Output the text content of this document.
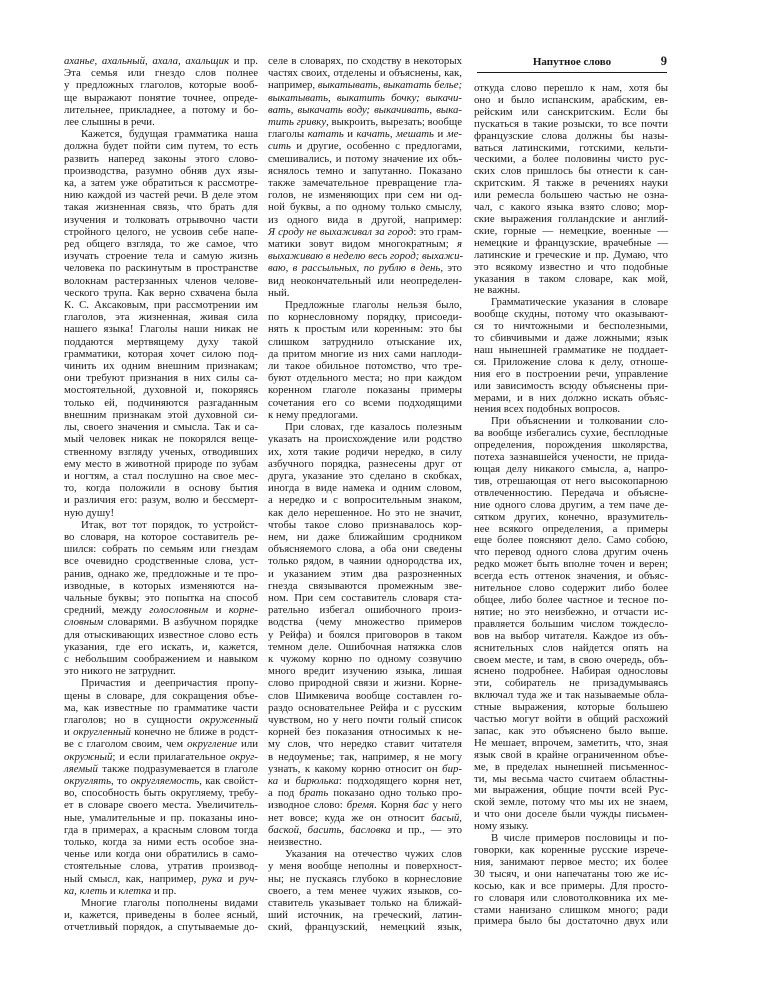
Напутное слово	9
аханье, ахальный, ахала, ахальщик и пр.
Эта семья или гнездо слов полнее
у предложных глаголов, которые вооб-
ще выражают понятие точнее, опреде-
лительнее, прикладнее, а потому и бо-
лее слышны в речи.
Кажется, будущая грамматика наша
должна будет пойти сим путем, то есть
развить наперед законы этого слово-
производства, разумно обняв дух язы-
ка, а затем уже обратиться к рассмотре-
нию каждой из частей речи. В деле этом
такая жизненная связь, что брать для
изучения и толковать отрывочно части
стройного целого, не усвоив себе напе-
ред общего взгляда, то же самое, что
изучать строение тела и самую жизнь
человека по раскинутым в пространстве
волокнам растерзанных членов челове-
ческого трупа. Как верно схвачена была
К. С. Аксаковым, при рассмотрении им
глаголов, эта жизненная, живая сила
нашего языка! Глаголы наши никак не
поддаются мертвящему духу такой
грамматики, которая хочет силою под-
чинить их одним внешним признакам;
они требуют признания в них силы са-
мостоятельной, духовной и, покоряясь
только ей, подчиняются разгаданным
внешним признакам этой духовной си-
лы, своего значения и смысла. Так и са-
мый человек никак не покорялся веще-
ственному взгляду ученых, отводивших
ему место в животной природе по зубам
и ногтям, а стал послушно на свое мес-
то, когда положили в основу бытия
и различия его: разум, волю и бессмерт-
ную душу!
Итак, вот тот порядок, то устройст-
во словаря, на которое составитель ре-
шился: собрать по семьям или гнездам
все очевидно сродственные слова, уст-
ранив, однако же, предложные и те про-
изводные, в которых изменяются на-
чальные буквы; это попытка на способ
средний, между голословным и корне-
словным словарями. В азбучном порядке
для отыскивающих известное слово есть
указания, где его искать, и, кажется,
с небольшим соображением и навыком
это никого не затруднит.
Причастия и деепричастия пропу-
щены в словаре, для сокращения объе-
ма, как известные по грамматике части
глаголов; но в сущности окруженный
и округленный конечно не ближе в родст-
ве с глаголом своим, чем округление или
окружный; и если прилагательное округ-
ляемый также подразумевается в глаголе
округлять, то округляемость, как свойст-
во, способность быть округляему, требу-
ет в словаре своего места. Увеличитель-
ные, умалительные и пр. показаны ино-
гда в примерах, а красным словом тогда
только, когда за ними есть особое зна-
ченье или когда они обратились в само-
стоятельные слова, утратив производ-
ный смысл, как, например, рука и руч-
ка, клеть и клетка и пр.
Многие глаголы пополнены видами
и, кажется, приведены в более ясный,
отчетливый порядок, а спутываемые до-
селе в словарях, по сходству в некоторых
частях своих, отделены и объяснены, как,
например, выкатывать, выкатать белье;
выкатывать, выкатить бочку; выкачи-
вать, выкачать воду; выкачивать, выка-
тить гривку, выкроить, вырезать; вообще
глаголы катать и качать, мешать и ме-
сить и другие, особенно с предлогами,
смешивались, и потому значение их объ-
яснялось темно и запутанно. Показано
также замечательное превращение гла-
голов, не изменяющих при сем ни од-
ной буквы, а по одному только смыслу,
из одного вида в другой, например:
Я сроду не выхаживал за город: это грам-
матики зовут видом многократным; я
выхаживаю в неделю весь город; выхажи-
ваю, в рассыльных, по рублю в день, это
вид неокончательный или неопределен-
ный.
Предложные глаголы нельзя было,
по корнесловному порядку, присоеди-
нять к простым или коренным: это бы
слишком затруднило отыскание их,
да притом многие из них сами наплоди-
ли такое обильное потомство, что тре-
буют отдельного места; но при каждом
коренном глаголе показаны примеры
сочетания его со всеми подходящими
к нему предлогами.
При словах, где казалось полезным
указать на происхождение или родство
их, хотя такие родичи нередко, в силу
азбучного порядка, разнесены друг от
друга, указание это сделано в скобках,
иногда в виде намека и одним словом,
а нередко и с вопросительным знаком,
как дело нерешенное. Но это не значит,
чтобы такое слово признавалось кор-
нем, ни даже ближайшим сродником
объясняемого слова, а оба они сведены
только рядом, в чаянии однородства их,
и указанием этим два разрозненных
гнезда связываются промежным зве-
ном. При сем составитель словаря ста-
рательно избегал ошибочного произ-
водства (чему множество примеров
у Рейфа) и боялся приговоров в таком
темном деле. Ошибочная натяжка слов
к чужому корню по одному созвучию
много вредит изучению языка, лишая
слово природной связи и жизни. Корне-
слов Шимкевича вообще составлен го-
раздо основательнее Рейфа и с русским
чувством, но у него почти голый список
корней без показания относимых к не-
му слов, что нередко ставит читателя
в недоуменье; так, например, я не могу
узнать, к какому корню относит он бир-
ка и бирюлька: подходящего корня нет,
а под брать показано одно только про-
изводное слово: бремя. Корня бас у него
нет вовсе; куда же он относит басый,
баской, басить, басловка и пр., — это
неизвестно.
Указания на отечество чужих слов
у меня вообще неполны и поверхност-
ны; не пускаясь глубоко в корнесловие
своего, а тем менее чужих языков, со-
ставитель указывает только на ближай-
ший источник, на греческий, латин-
ский, французский, немецкий язык,
откуда слово перешло к нам, хотя бы
оно и было испанским, арабским, ев-
рейским или санскритским. Если бы
пускаться в такие розыски, то все почти
французские слова должны бы назы-
ваться латинскими, готскими, кельти-
ческими, а более половины чисто рус-
ских слов пришлось бы отнести к сан-
скритским. Я также в речениях науки
или ремесла большею частью не озна-
чал, с какого языка взято слово; мор-
ские выражения голландские и англий-
ские, горные — немецкие, военные —
немецкие и французские, врачебные —
латинские и греческие и пр. Думаю, что
это всякому известно и что подобные
указания в таком словаре, как мой,
не важны.
Грамматические указания в словаре
вообще скудны, потому что оказывают-
ся то ничтожными и бесполезными,
то сбивчивыми и даже ложными; язык
наш нынешней грамматике не поддает-
ся. Приложение слова к делу, отноше-
ния его в построении речи, управление
или зависимость всюду объяснены при-
мерами, и в них до́лжно искать объяс-
нения всех подобных вопросов.
При объяснении и толковании сло-
ва вообще избегались сухие, бесплодные
определения, порождения школярства,
потеха зазнавшейся учености, не прида-
ющая делу никакого смысла, а, напро-
тив, отрешающая от него высокопарною
отвлеченностию. Передача и объясне-
ние одного слова другим, а тем паче де-
сятком других, конечно, вразумитель-
нее всякого определения, а примеры
еще более поясняют дело. Само собою,
что перевод одного слова другим очень
редко может быть вполне точен и верен;
всегда есть оттенок значения, и объяс-
нительное слово содержит либо более
общее, либо более частное и тесное по-
нятие; но это неизбежно, и отчасти ис-
правляется большим числом тождесло-
вов на выбор читателя. Каждое из объ-
яснительных слов найдется опять на
своем месте, и там, в свою очередь, объ-
яснено подробнее. Набирая однословы
эти, собиратель не призадумываясь
включал туда же и так называемые обла-
стные выражения, которые большею
частью могут войти в общий расхожий
запас, как это объяснено было выше.
Не мешает, впрочем, заметить, что, зная
язык свой в крайне ограниченном объе-
ме, в пределах нынешней письменнос-
ти, мы весьма часто считаем областны-
ми выражения, общие почти всей Рус-
ской земле, потому что мы их не знаем,
и что они доселе были чужды письмен-
ному языку.
В числе примеров пословицы и по-
говорки, как коренные русские изрече-
ния, занимают первое место; их более
30 тысяч, и они напечатаны тою же и́с-
косью, как и все примеры. Для просто-
го словаря или словотолковника их ме-
стами нанизано слишком много; ради
примера было бы достаточно двух или
